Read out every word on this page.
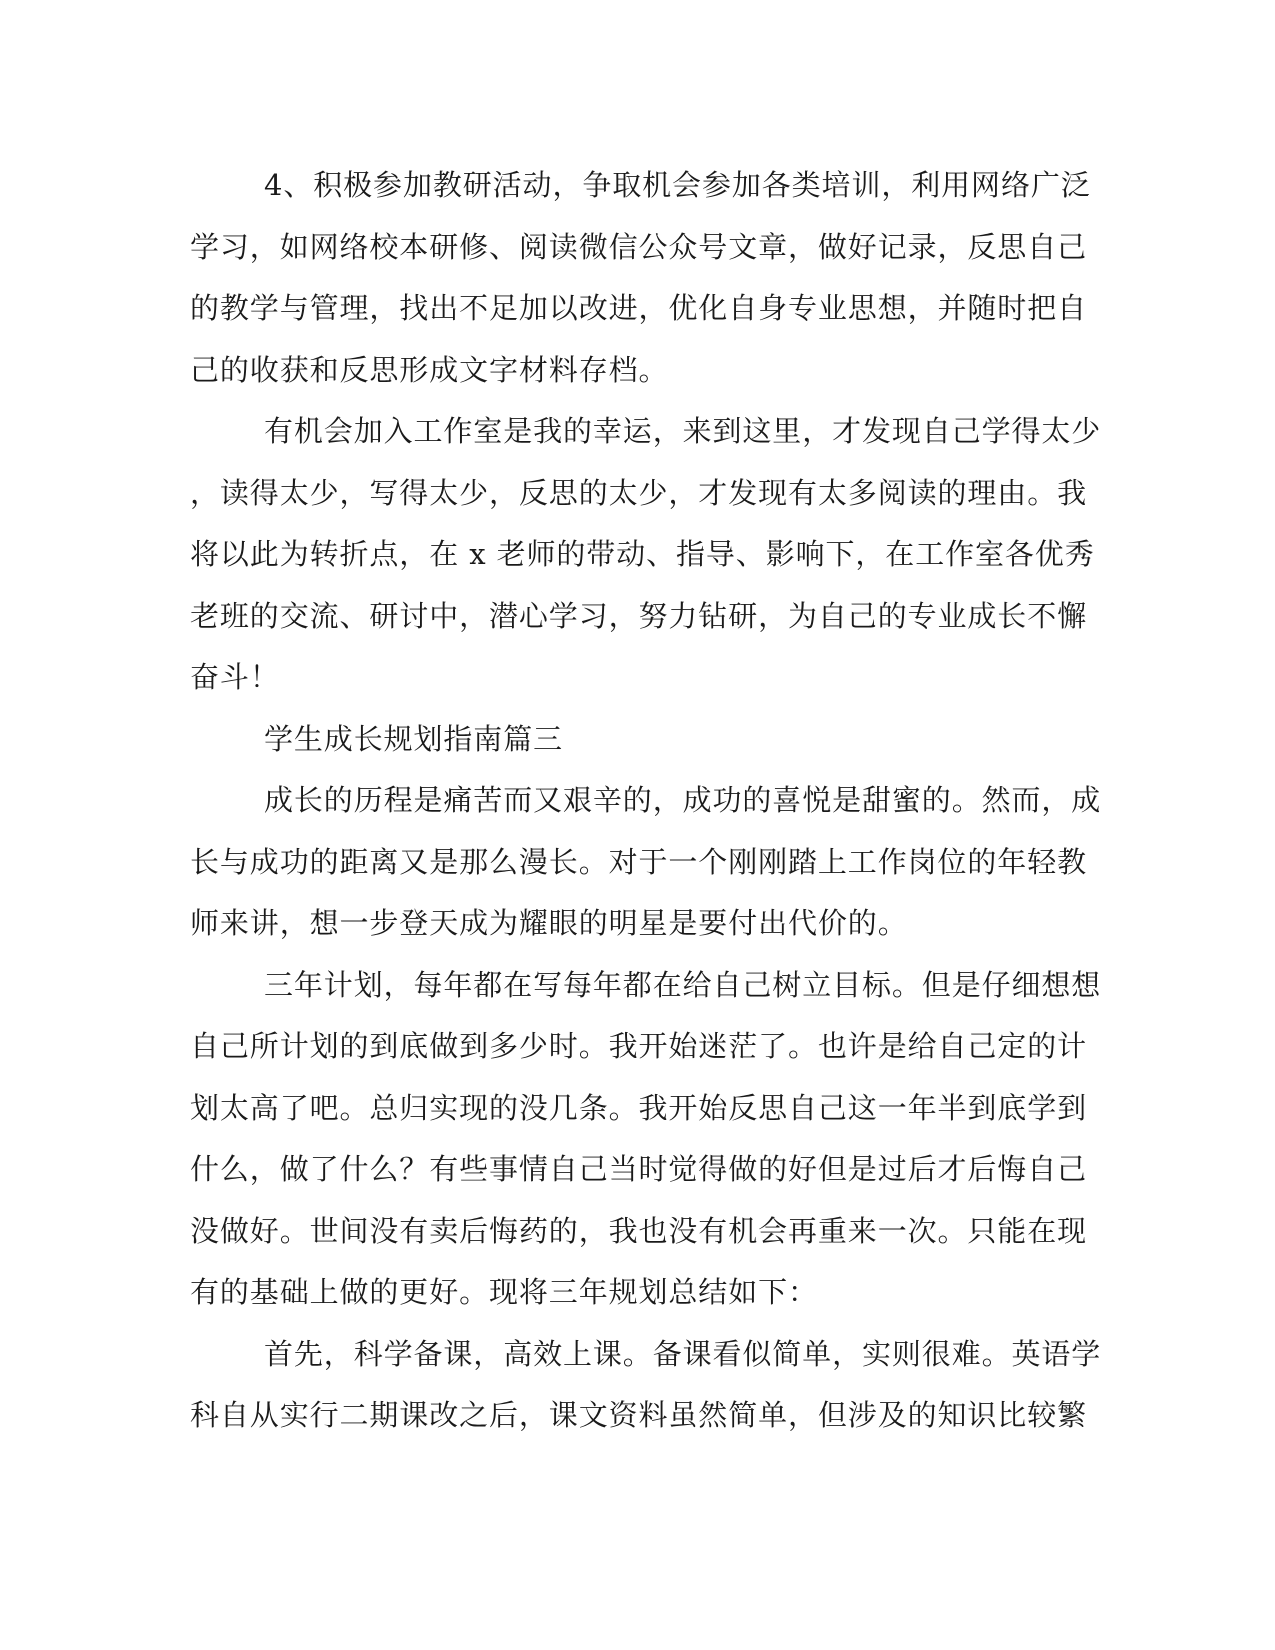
4、积极参加教研活动，争取机会参加各类培训，利用网络广泛
学习，如网络校本研修、阅读微信公众号文章，做好记录，反思自己
的教学与管理，找出不足加以改进，优化自身专业思想，并随时把自
己的收获和反思形成文字材料存档。
有机会加入工作室是我的幸运，来到这里，才发现自己学得太少
，读得太少，写得太少，反思的太少，才发现有太多阅读的理由。我
将以此为转折点，在 x 老师的带动、指导、影响下，在工作室各优秀
老班的交流、研讨中，潜心学习，努力钻研，为自己的专业成长不懈
奋斗！
学生成长规划指南篇三
成长的历程是痛苦而又艰辛的，成功的喜悦是甜蜜的。然而，成
长与成功的距离又是那么漫长。对于一个刚刚踏上工作岗位的年轻教
师来讲，想一步登天成为耀眼的明星是要付出代价的。
三年计划，每年都在写每年都在给自己树立目标。但是仔细想想
自己所计划的到底做到多少时。我开始迷茫了。也许是给自己定的计
划太高了吧。总归实现的没几条。我开始反思自己这一年半到底学到
什么，做了什么？有些事情自己当时觉得做的好但是过后才后悔自己
没做好。世间没有卖后悔药的，我也没有机会再重来一次。只能在现
有的基础上做的更好。现将三年规划总结如下：
首先，科学备课，高效上课。备课看似简单，实则很难。英语学
科自从实行二期课改之后，课文资料虽然简单，但涉及的知识比较繁
